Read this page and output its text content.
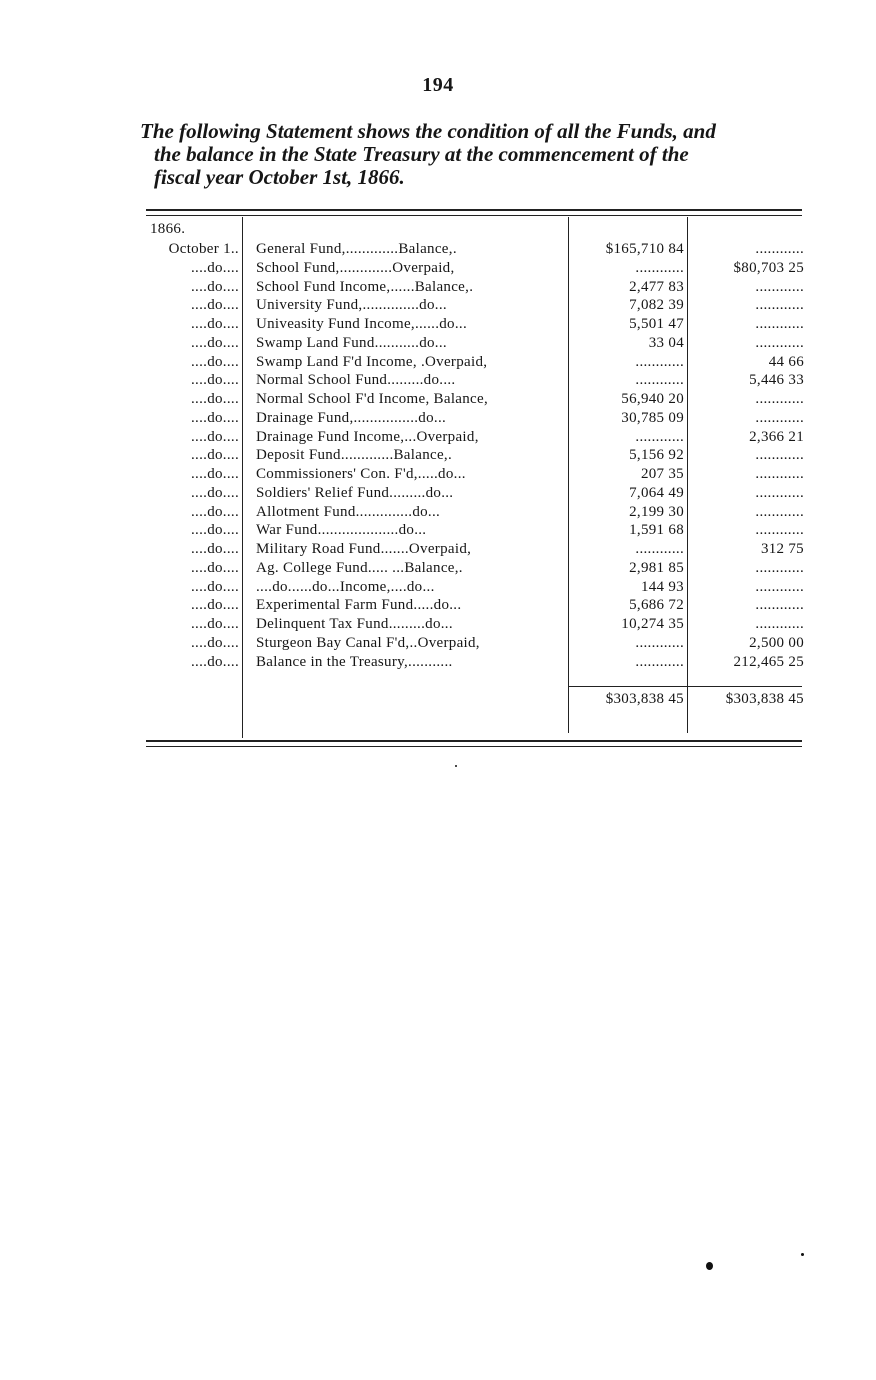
194
The following Statement shows the condition of all the Funds, and
the balance in the State Treasury at the commencement of the
fiscal year October 1st, 1866.
1866.
October 1.. General Fund,.............Balance,.	$165,710 84	............
....do.... School Fund,.............Overpaid,	............	$80,703 25
....do.... School Fund Income,......Balance,.	2,477 83	............
....do.... University Fund,..............do...	7,082 39	............
....do.... Univeasity Fund Income,......do...	5,501 47	............
....do.... Swamp Land Fund...........do...	33 04	............
....do.... Swamp Land F'd Income, .Overpaid,	............	44 66
....do.... Normal School Fund.........do....	............	5,446 33
....do.... Normal School F'd Income, Balance,	56,940 20	............
....do.... Drainage Fund,................do...	30,785 09	............
....do.... Drainage Fund Income,...Overpaid,	............	2,366 21
....do.... Deposit Fund.............Balance,.	5,156 92	............
....do.... Commissioners' Con. F'd,.....do...	207 35	............
....do.... Soldiers' Relief Fund.........do...	7,064 49	............
....do.... Allotment Fund..............do...	2,199 30	............
....do.... War Fund....................do...	1,591 68	............
....do.... Military Road Fund.......Overpaid,	............	312 75
....do.... Ag. College Fund..... ...Balance,.	2,981 85	............
....do.... ....do......do...Income,....do...	144 93	............
....do.... Experimental Farm Fund.....do...	5,686 72	............
....do.... Delinquent Tax Fund.........do...	10,274 35	............
....do.... Sturgeon Bay Canal F'd,..Overpaid,	............	2,500 00
....do.... Balance in the Treasury,...........	............	212,465 25
$303,838 45	$303,838 45
